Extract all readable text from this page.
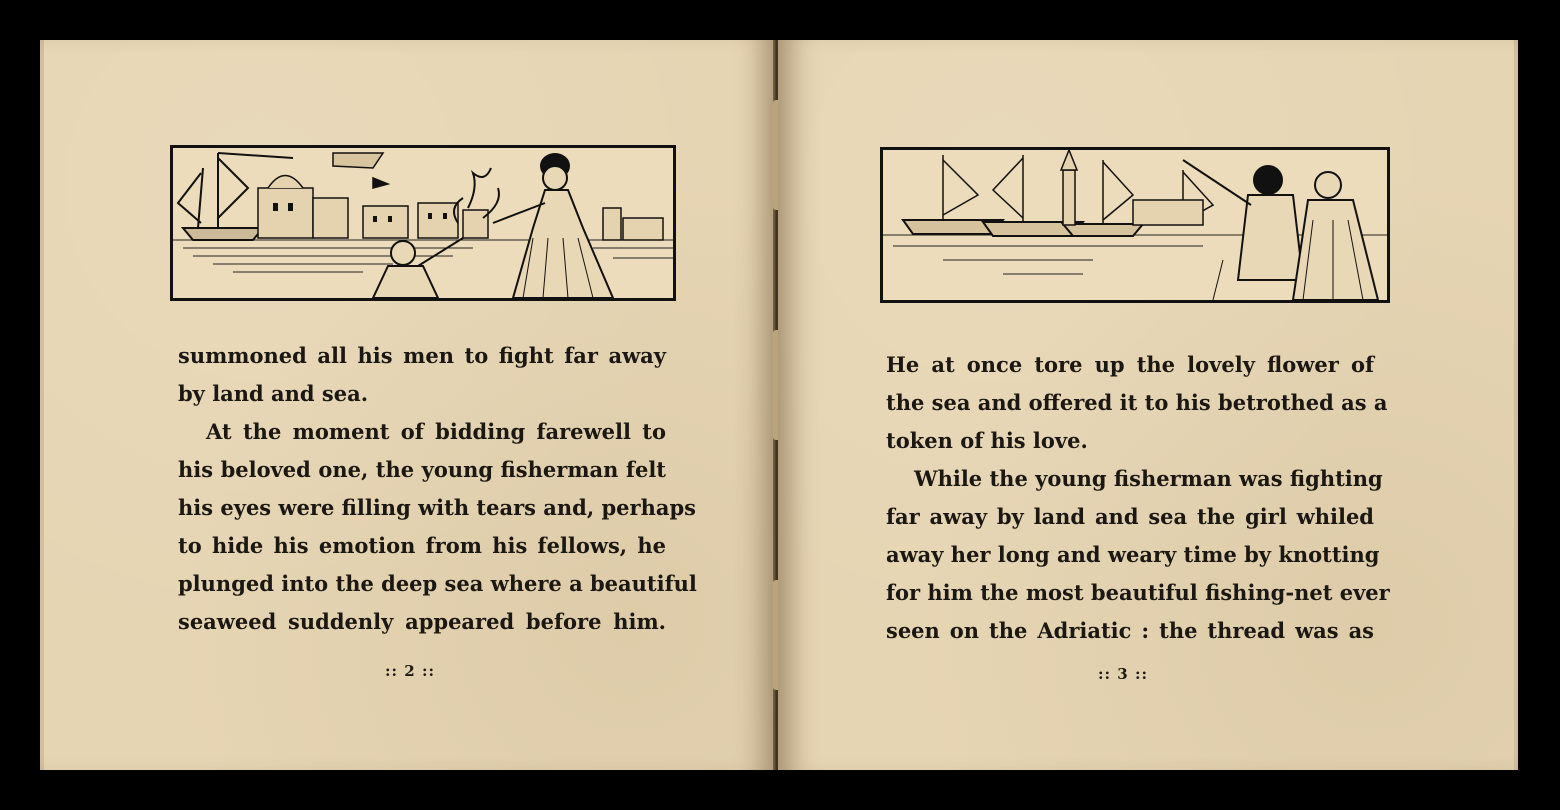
summoned all his men to fight far away
by land and sea.
At the moment of bidding farewell to
his beloved one, the young fisherman felt
his eyes were filling with tears and, perhaps
to hide his emotion from his fellows, he
plunged into the deep sea where a beautiful
seaweed suddenly appeared before him.
:: 2 ::
He at once tore up the lovely flower of
the sea and offered it to his betrothed as a
token of his love.
While the young fisherman was fighting
far away by land and sea the girl whiled
away her long and weary time by knotting
for him the most beautiful fishing-net ever
seen on the Adriatic : the thread was as
:: 3 ::
